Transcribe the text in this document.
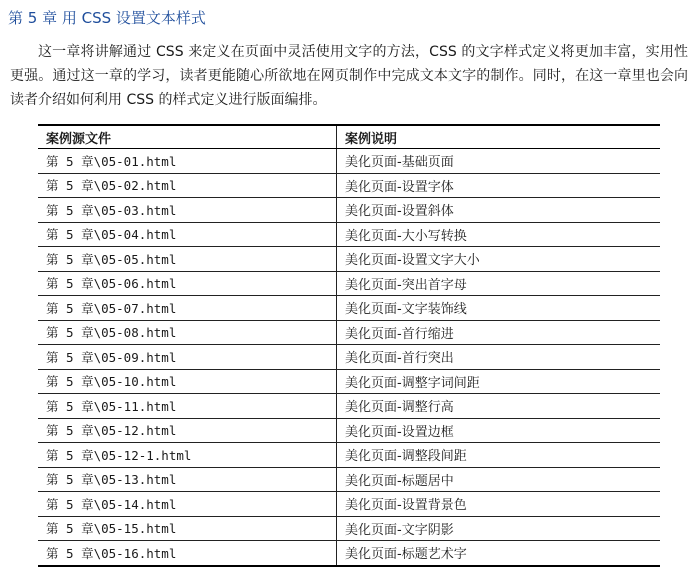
第 5 章 用 CSS 设置文本样式

这一章将讲解通过 CSS 来定义在页面中灵活使用文字的方法，CSS 的文字样式定义将更加丰富，实用性更强。通过这一章的学习，读者更能随心所欲地在网页制作中完成文本文字的制作。同时，在这一章里也会向读者介绍如何利用 CSS 的样式定义进行版面编排。

案例源文件	案例说明
第 5 章\05-01.html	美化页面-基础页面
第 5 章\05-02.html	美化页面-设置字体
第 5 章\05-03.html	美化页面-设置斜体
第 5 章\05-04.html	美化页面-大小写转换
第 5 章\05-05.html	美化页面-设置文字大小
第 5 章\05-06.html	美化页面-突出首字母
第 5 章\05-07.html	美化页面-文字装饰线
第 5 章\05-08.html	美化页面-首行缩进
第 5 章\05-09.html	美化页面-首行突出
第 5 章\05-10.html	美化页面-调整字词间距
第 5 章\05-11.html	美化页面-调整行高
第 5 章\05-12.html	美化页面-设置边框
第 5 章\05-12-1.html	美化页面-调整段间距
第 5 章\05-13.html	美化页面-标题居中
第 5 章\05-14.html	美化页面-设置背景色
第 5 章\05-15.html	美化页面-文字阴影
第 5 章\05-16.html	美化页面-标题艺术字
